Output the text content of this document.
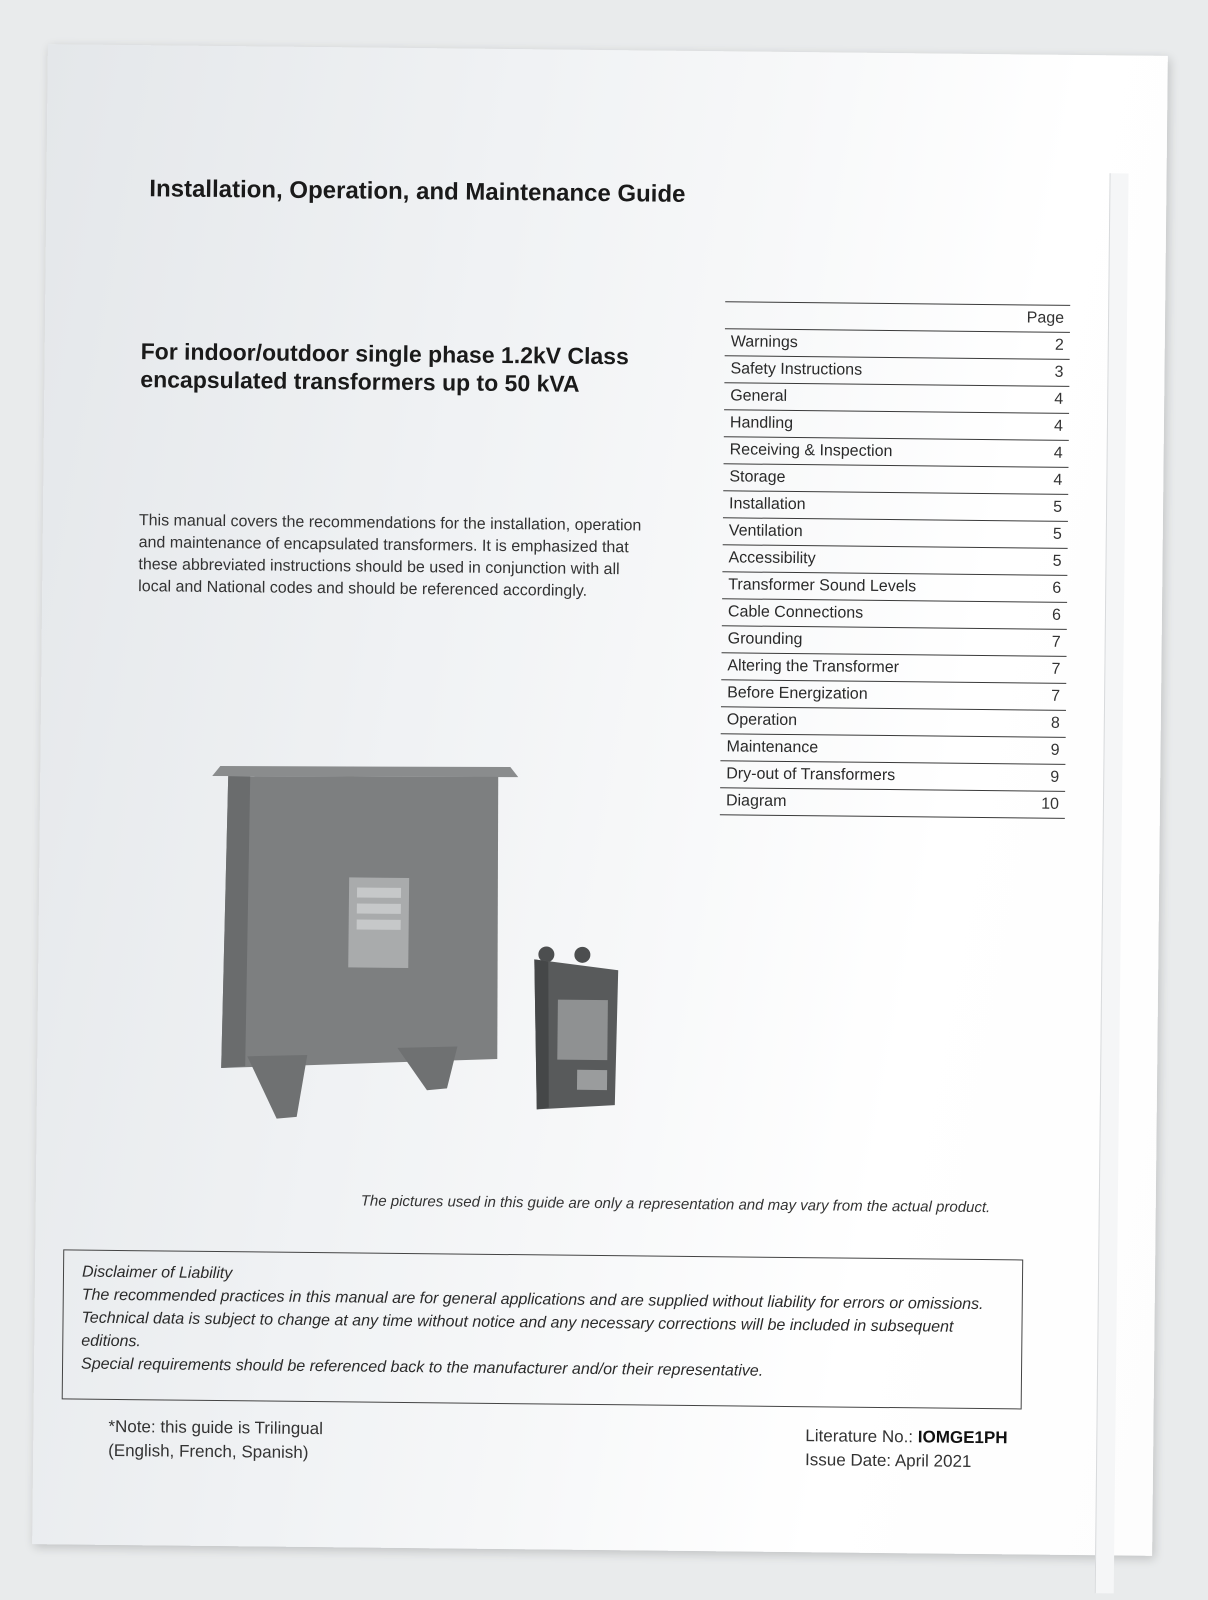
Installation, Operation, and Maintenance Guide
For indoor/outdoor single phase 1.2kV Class encapsulated transformers up to 50 kVA
This manual covers the recommendations for the installation, operation and maintenance of encapsulated transformers. It is emphasized that these abbreviated instructions should be used in conjunction with all local and National codes and should be referenced accordingly.
Page
Warnings	2
Safety Instructions	3
General	4
Handling	4
Receiving & Inspection	4
Storage	4
Installation	5
Ventilation	5
Accessibility	5
Transformer Sound Levels	6
Cable Connections	6
Grounding	7
Altering the Transformer	7
Before Energization	7
Operation	8
Maintenance	9
Dry-out of Transformers	9
Diagram	10
The pictures used in this guide are only a representation and may vary from the actual product.

Disclaimer of Liability

The recommended practices in this manual are for general applications and are supplied without liability for errors or omissions. Technical data is subject to change at any time without notice and any necessary corrections will be included in subsequent editions.

Special requirements should be referenced back to the manufacturer and/or their representative.

*Note: this guide is Trilingual
(English, French, Spanish)
Literature No.: IOMGE1PH
Issue Date: April 2021
